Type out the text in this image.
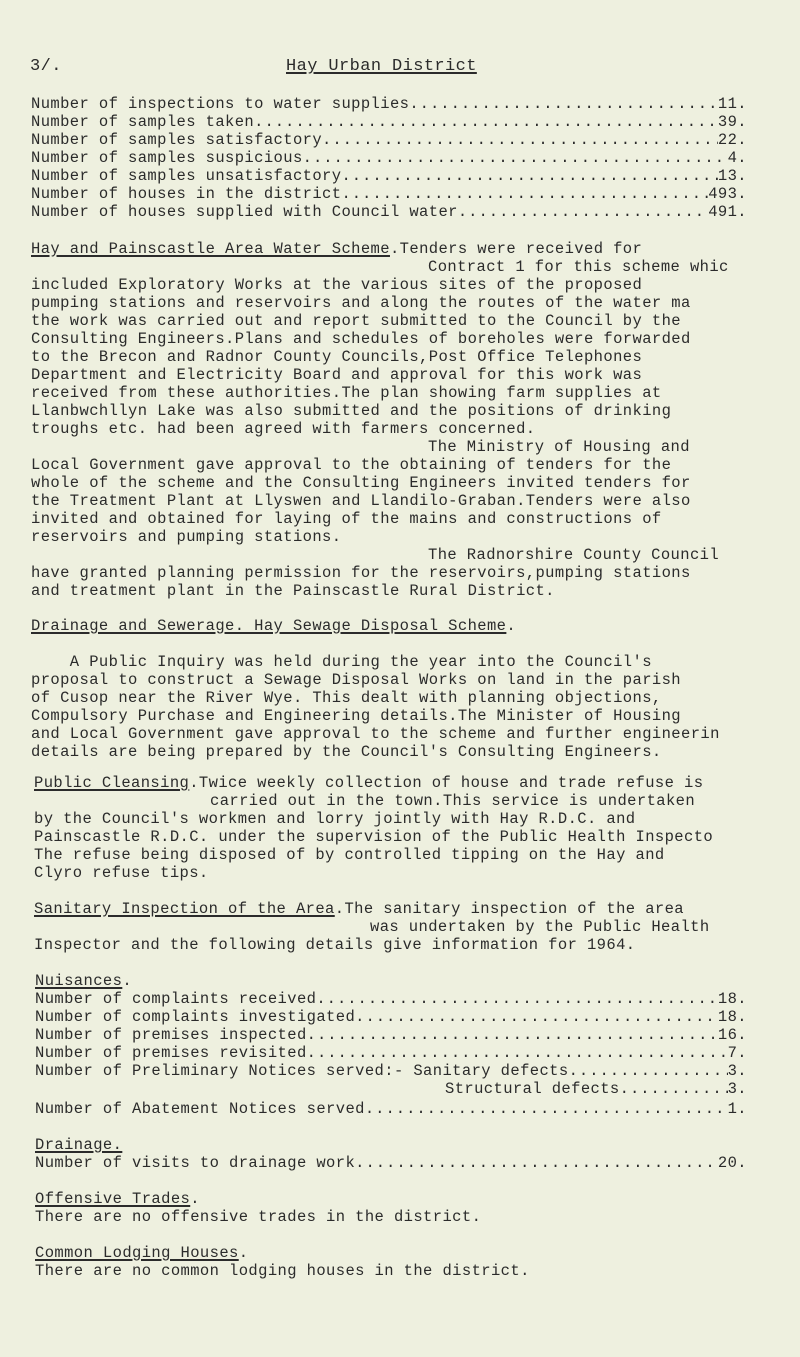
3/.	Hay Urban District
Number of inspections to water supplies .....	11.
Number of samples taken .....	39.
Number of samples satisfactory .....	22.
Number of samples suspicious .....	4.
Number of samples unsatisfactory .....	13.
Number of houses in the district .....	493.
Number of houses supplied with Council water .....	491.
Hay and Painscastle Area Water Scheme.Tenders were received for
Contract 1 for this scheme whic
included Exploratory Works at the various sites of the proposed
pumping stations and reservoirs and along the routes of the water ma
the work was carried out and report submitted to the Council by the
Consulting Engineers.Plans and schedules of boreholes were forwarded
to the Brecon and Radnor County Councils,Post Office Telephones
Department and Electricity Board and approval for this work was
received from these authorities.The plan showing farm supplies at
Llanbwchllyn Lake was also submitted and the positions of drinking
troughs etc. had been agreed with farmers concerned.
The Ministry of Housing and
Local Government gave approval to the obtaining of tenders for the
whole of the scheme and the Consulting Engineers invited tenders for
the Treatment Plant at Llyswen and Llandilo-Graban.Tenders were also
invited and obtained for laying of the mains and constructions of
reservoirs and pumping stations.
The Radnorshire County Council
have granted planning permission for the reservoirs,pumping stations
and treatment plant in the Painscastle Rural District.
Drainage and Sewerage. Hay Sewage Disposal Scheme.
A Public Inquiry was held during the year into the Council's
proposal to construct a Sewage Disposal Works on land in the parish
of Cusop near the River Wye. This dealt with planning objections,
Compulsory Purchase and Engineering details.The Minister of Housing
and Local Government gave approval to the scheme and further engineerin
details are being prepared by the Council's Consulting Engineers.
Public Cleansing.Twice weekly collection of house and trade refuse is
carried out in the town.This service is undertaken
by the Council's workmen and lorry jointly with Hay R.D.C. and
Painscastle R.D.C. under the supervision of the Public Health Inspecto
The refuse being disposed of by controlled tipping on the Hay and
Clyro refuse tips.
Sanitary Inspection of the Area.The sanitary inspection of the area
was undertaken by the Public Health
Inspector and the following details give information for 1964.
Nuisances.
Number of complaints received .....	18.
Number of complaints investigated .....	18.
Number of premises inspected .....	16.
Number of premises revisited .....	7.
Number of Preliminary Notices served:- Sanitary defects .....	3.
Structural defects .....	3.
Number of Abatement Notices served .....	1.
Drainage.
Number of visits to drainage work .....	20.
Offensive Trades.
There are no offensive trades in the district.
Common Lodging Houses.
There are no common lodging houses in the district.
